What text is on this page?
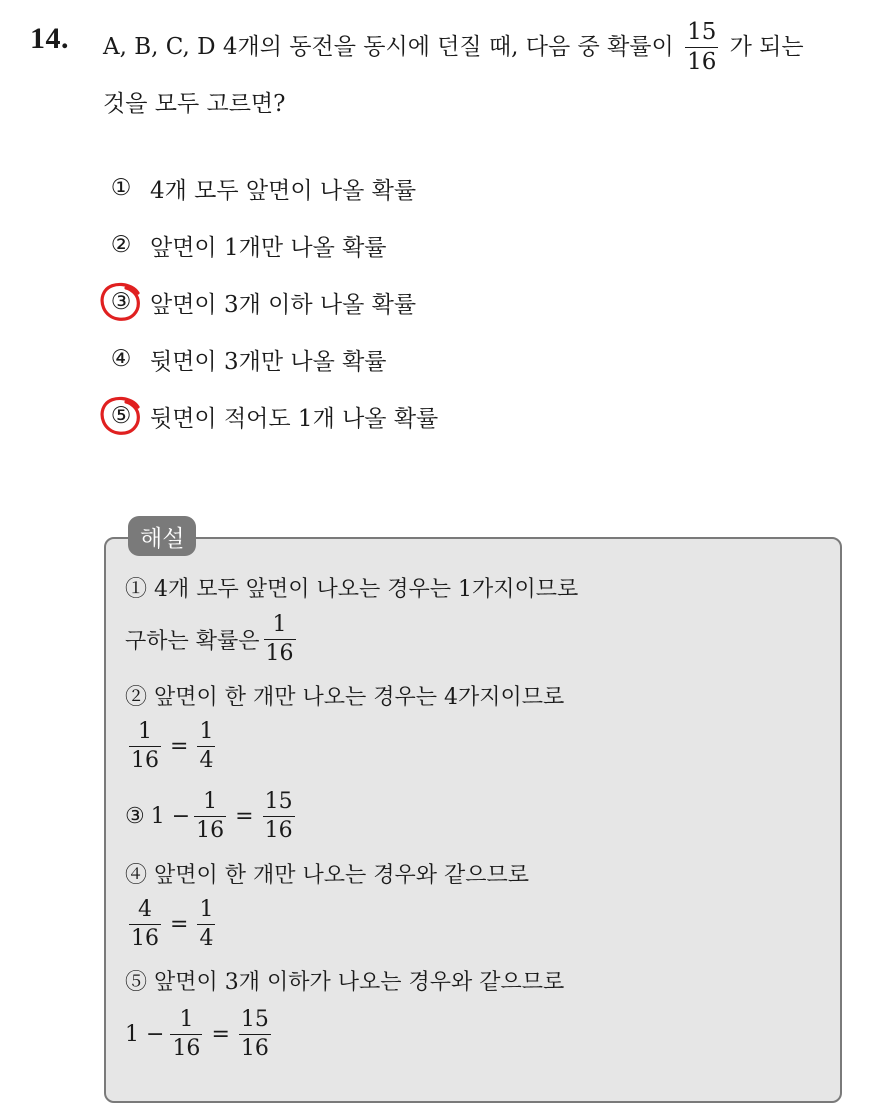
14. A, B, C, D 4개의 동전을 동시에 던질 때, 다음 중 확률이 $\frac{15}{16}$ 가 되는
것을 모두 고르면?
① 4개 모두 앞면이 나올 확률
② 앞면이 1개만 나올 확률
③ 앞면이 3개 이하 나올 확률
④ 뒷면이 3개만 나올 확률
⑤ 뒷면이 적어도 1개 나올 확률
해설
① 4개 모두 앞면이 나오는 경우는 1가지이므로
구하는 확률은 $\frac{1}{16}$
② 앞면이 한 개만 나오는 경우는 4가지이므로
$\frac{1}{16} = \frac{1}{4}$
③ $1 - \frac{1}{16} = \frac{15}{16}$
④ 앞면이 한 개만 나오는 경우와 같으므로
$\frac{4}{16} = \frac{1}{4}$
⑤ 앞면이 3개 이하가 나오는 경우와 같으므로
$1 - \frac{1}{16} = \frac{15}{16}$
